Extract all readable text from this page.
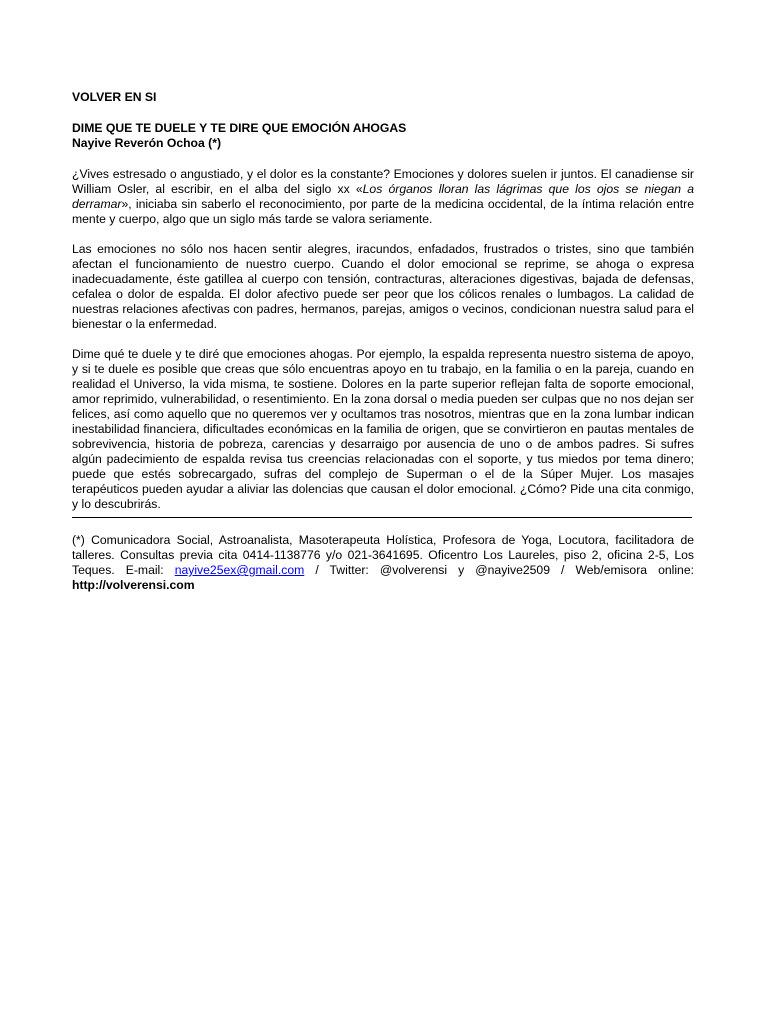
VOLVER EN SI
DIME QUE TE DUELE Y TE DIRE QUE EMOCIÓN AHOGAS
Nayive Reverón Ochoa (*)

¿Vives estresado o angustiado, y el dolor es la constante? Emociones y dolores suelen ir juntos. El canadiense sir William Osler, al escribir, en el alba del siglo xx «Los órganos lloran las lágrimas que los ojos se niegan a derramar», iniciaba sin saberlo el reconocimiento, por parte de la medicina occidental, de la íntima relación entre mente y cuerpo, algo que un siglo más tarde se valora seriamente.

Las emociones no sólo nos hacen sentir alegres, iracundos, enfadados, frustrados o tristes, sino que también afectan el funcionamiento de nuestro cuerpo. Cuando el dolor emocional se reprime, se ahoga o expresa inadecuadamente, éste gatillea al cuerpo con tensión, contracturas, alteraciones digestivas, bajada de defensas, cefalea o dolor de espalda. El dolor afectivo puede ser peor que los cólicos renales o lumbagos. La calidad de nuestras relaciones afectivas con padres, hermanos, parejas, amigos o vecinos, condicionan nuestra salud para el bienestar o la enfermedad.

Dime qué te duele y te diré que emociones ahogas. Por ejemplo, la espalda representa nuestro sistema de apoyo, y si te duele es posible que creas que sólo encuentras apoyo en tu trabajo, en la familia o en la pareja, cuando en realidad el Universo, la vida misma, te sostiene. Dolores en la parte superior reflejan falta de soporte emocional, amor reprimido, vulnerabilidad, o resentimiento. En la zona dorsal o media pueden ser culpas que no nos dejan ser felices, así como aquello que no queremos ver y ocultamos tras nosotros, mientras que en la zona lumbar indican inestabilidad financiera, dificultades económicas en la familia de origen, que se convirtieron en pautas mentales de sobrevivencia, historia de pobreza, carencias y desarraigo por ausencia de uno o de ambos padres. Si sufres algún padecimiento de espalda revisa tus creencias relacionadas con el soporte, y tus miedos por tema dinero; puede que estés sobrecargado, sufras del complejo de Superman o el de la Súper Mujer. Los masajes terapéuticos pueden ayudar a aliviar las dolencias que causan el dolor emocional. ¿Cómo? Pide una cita conmigo, y lo descubrirás.

(*) Comunicadora Social, Astroanalista, Masoterapeuta Holística, Profesora de Yoga, Locutora, facilitadora de talleres. Consultas previa cita 0414-1138776 y/o 021-3641695. Oficentro Los Laureles, piso 2, oficina 2-5, Los Teques. E-mail: nayive25ex@gmail.com / Twitter: @volverensi y @nayive2509 / Web/emisora online: http://volverensi.com
